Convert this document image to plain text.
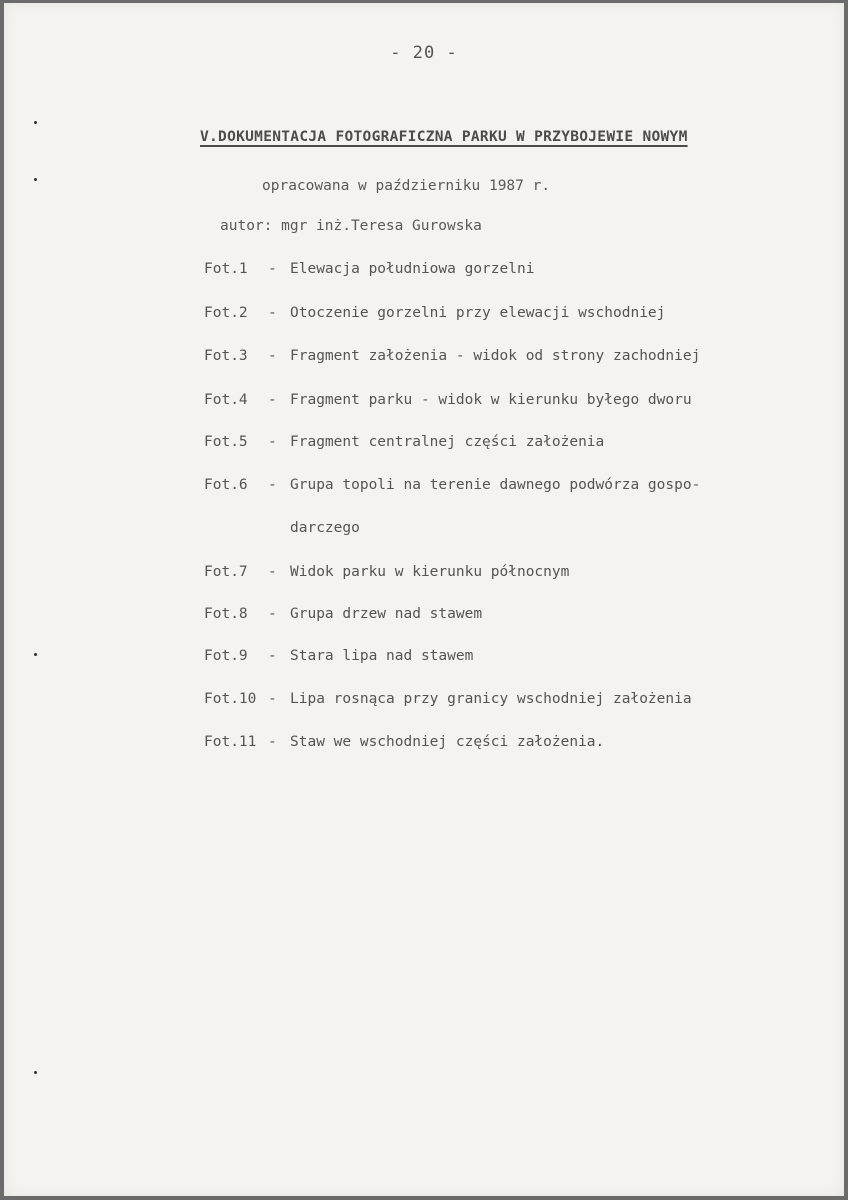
- 20 -
V.DOKUMENTACJA FOTOGRAFICZNA PARKU W PRZYBOJEWIE NOWYM
opracowana w październiku 1987 r.
autor: mgr inż.Teresa Gurowska
Fot.1 - Elewacja południowa gorzelni
Fot.2 - Otoczenie gorzelni przy elewacji wschodniej
Fot.3 - Fragment założenia - widok od strony zachodniej
Fot.4 - Fragment parku - widok w kierunku byłego dworu
Fot.5 - Fragment centralnej części założenia
Fot.6 - Grupa topoli na terenie dawnego podwórza gospo-
darczego
Fot.7 - Widok parku w kierunku północnym
Fot.8 - Grupa drzew nad stawem
Fot.9 - Stara lipa nad stawem
Fot.10 - Lipa rosnąca przy granicy wschodniej założenia
Fot.11 - Staw we wschodniej części założenia.
